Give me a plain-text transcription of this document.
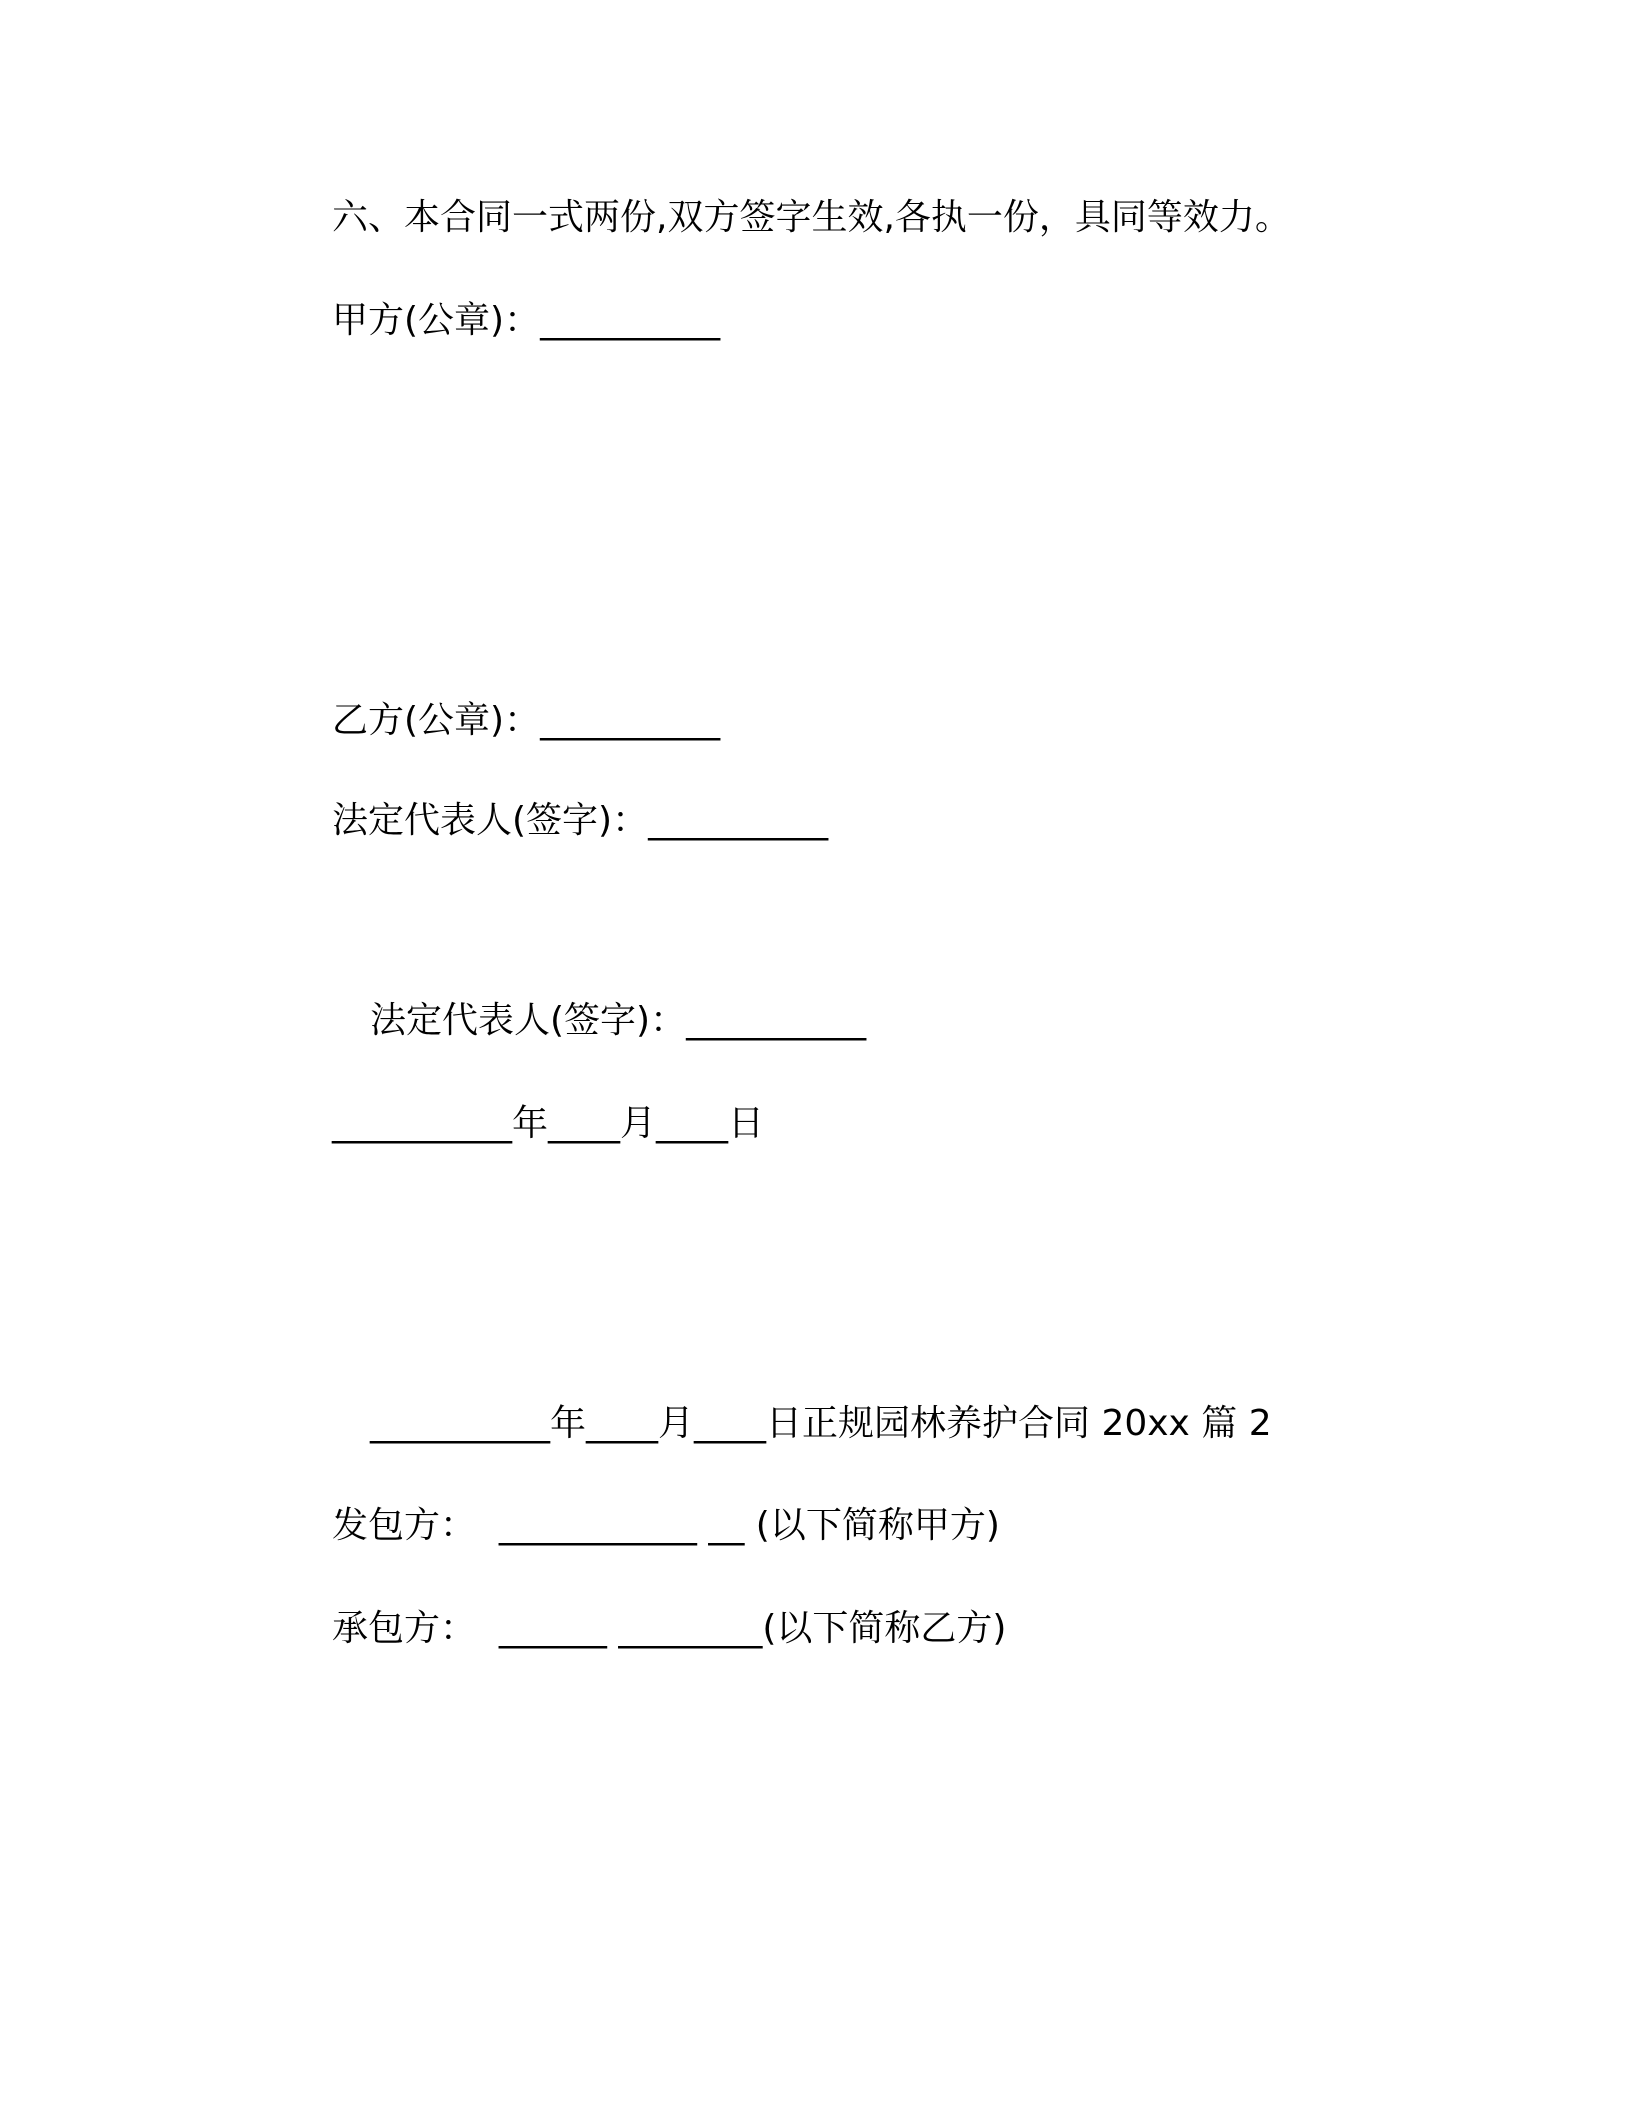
六、本合同一式两份,双方签字生效,各执一份，具同等效力。
甲方(公章)：__________
乙方(公章)：__________
法定代表人(签字)：__________
法定代表人(签字)：__________
__________年____月____日
__________年____月____日正规园林养护合同 20xx 篇 2
发包方：  ___________ __ (以下简称甲方)
承包方：  ______ ________(以下简称乙方)
